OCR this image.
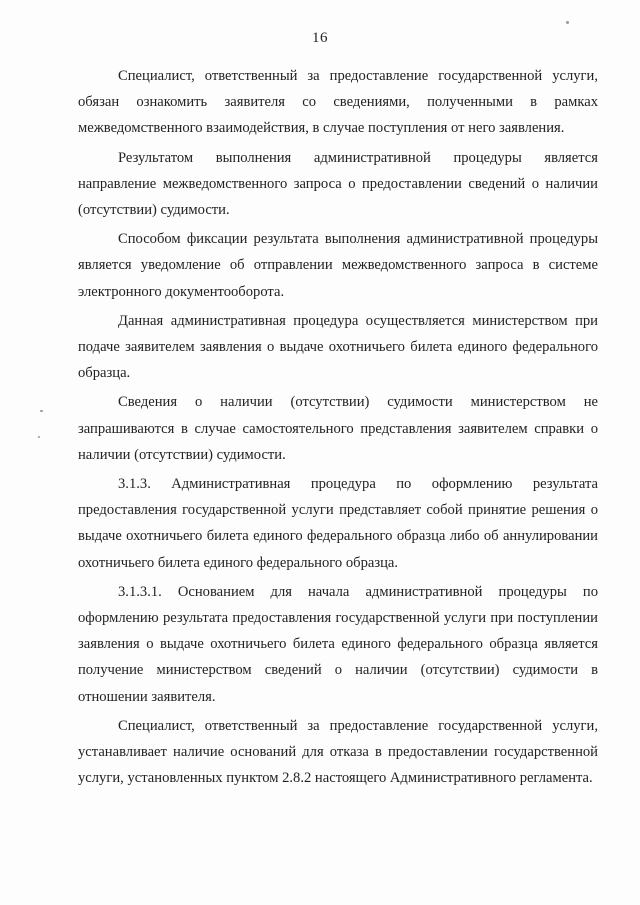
16

Специалист, ответственный за предоставление государственной услуги, обязан ознакомить заявителя со сведениями, полученными в рамках межведомственного взаимодействия, в случае поступления от него заявления.

Результатом выполнения административной процедуры является направление межведомственного запроса о предоставлении сведений о наличии (отсутствии) судимости.

Способом фиксации результата выполнения административной процедуры является уведомление об отправлении межведомственного запроса в системе электронного документооборота.

Данная административная процедура осуществляется министерством при подаче заявителем заявления о выдаче охотничьего билета единого федерального образца.

Сведения о наличии (отсутствии) судимости министерством не запрашиваются в случае самостоятельного представления заявителем справки о наличии (отсутствии) судимости.

3.1.3. Административная процедура по оформлению результата предоставления государственной услуги представляет собой принятие решения о выдаче охотничьего билета единого федерального образца либо об аннулировании охотничьего билета единого федерального образца.

3.1.3.1. Основанием для начала административной процедуры по оформлению результата предоставления государственной услуги при поступлении заявления о выдаче охотничьего билета единого федерального образца является получение министерством сведений о наличии (отсутствии) судимости в отношении заявителя.

Специалист, ответственный за предоставление государственной услуги, устанавливает наличие оснований для отказа в предоставлении государственной услуги, установленных пунктом 2.8.2 настоящего Административного регламента.
